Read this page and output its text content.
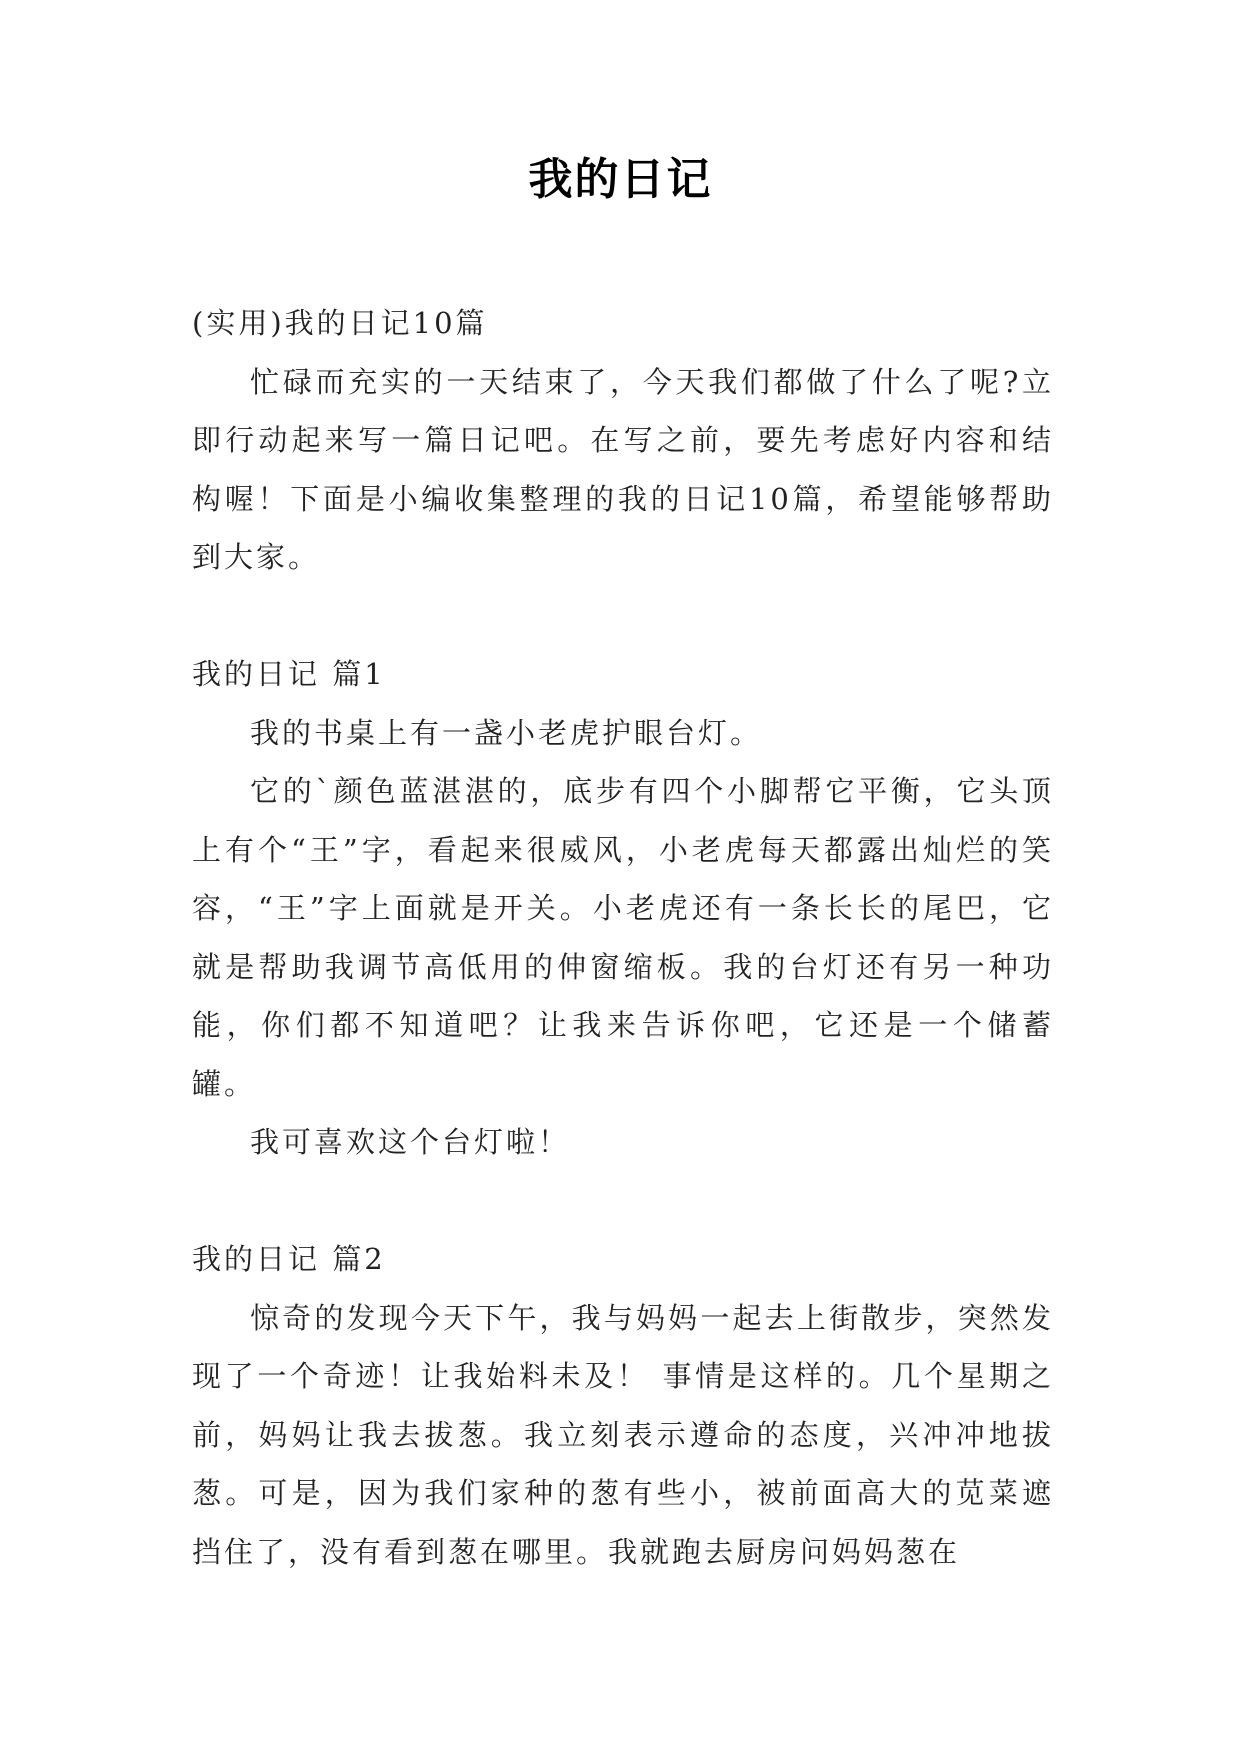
我的日记
(实用)我的日记10篇

忙碌而充实的一天结束了，今天我们都做了什么了呢?立即行动起来写一篇日记吧。在写之前，要先考虑好内容和结构喔！下面是小编收集整理的我的日记10篇，希望能够帮助到大家。

我的日记 篇1

我的书桌上有一盏小老虎护眼台灯。

它的`颜色蓝湛湛的，底步有四个小脚帮它平衡，它头顶上有个“王”字，看起来很威风，小老虎每天都露出灿烂的笑容，“王”字上面就是开关。小老虎还有一条长长的尾巴，它就是帮助我调节高低用的伸窗缩板。我的台灯还有另一种功能，你们都不知道吧？让我来告诉你吧，它还是一个储蓄罐。

我可喜欢这个台灯啦！

我的日记 篇2

惊奇的发现今天下午，我与妈妈一起去上街散步，突然发现了一个奇迹！让我始料未及！ 事情是这样的。几个星期之前，妈妈让我去拔葱。我立刻表示遵命的态度，兴冲冲地拔葱。可是，因为我们家种的葱有些小，被前面高大的苋菜遮挡住了，没有看到葱在哪里。我就跑去厨房问妈妈葱在
